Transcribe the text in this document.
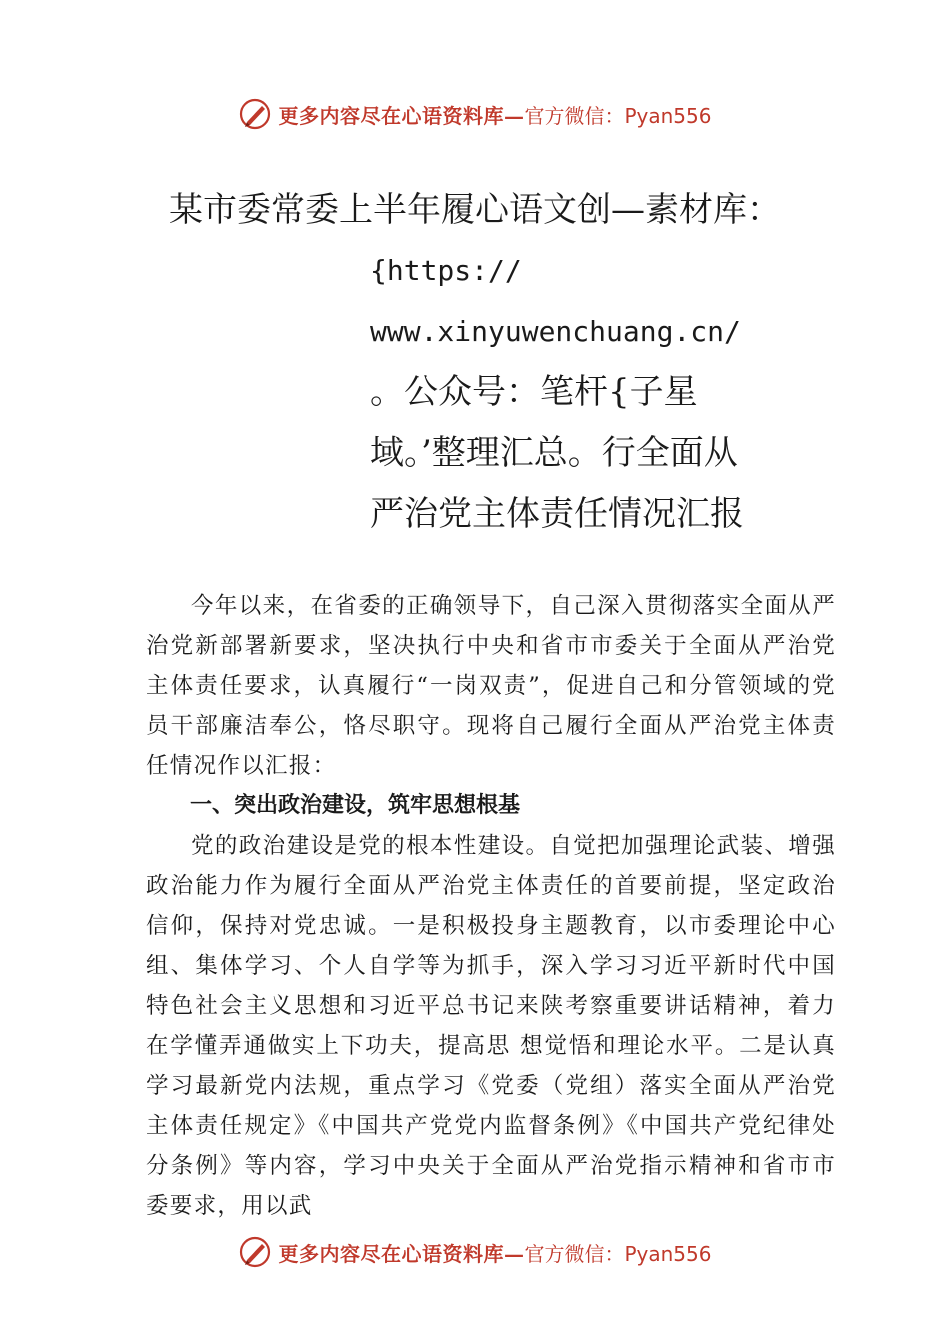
更多内容尽在心语资料库— 官方微信：Pyan556
某市委常委上半年履心语文创—素材库：
{https://
www.xinyuwenchuang.cn/
。公众号：笔杆{子星
域。’整理汇总。行全面从
严治党主体责任情况汇报

今年以来，在省委的正确领导下，自己深入贯彻落实全面从严治党新部署新要求，坚决执行中央和省市市委关于全面从严治党主体责任要求，认真履行“一岗双责”，促进自己和分管领域的党员干部廉洁奉公，恪尽职守。现将自己履行全面从严治党主体责任情况作以汇报：

一、突出政治建设，筑牢思想根基

党的政治建设是党的根本性建设。自觉把加强理论武装、增强政治能力作为履行全面从严治党主体责任的首要前提，坚定政治信仰，保持对党忠诚。一是积极投身主题教育，以市委理论中心组、集体学习、个人自学等为抓手，深入学习习近平新时代中国特色社会主义思想和习近平总书记来陕考察重要讲话精神，着力在学懂弄通做实上下功夫，提高思 想觉悟和理论水平。二是认真学习最新党内法规，重点学习《党委（党组）落实全面从严治党主体责任规定》《中国共产党党内监督条例》《中国共产党纪律处分条例》等内容，学习中央关于全面从严治党指示精神和省市市委要求，用以武

更多内容尽在心语资料库— 官方微信：Pyan556
